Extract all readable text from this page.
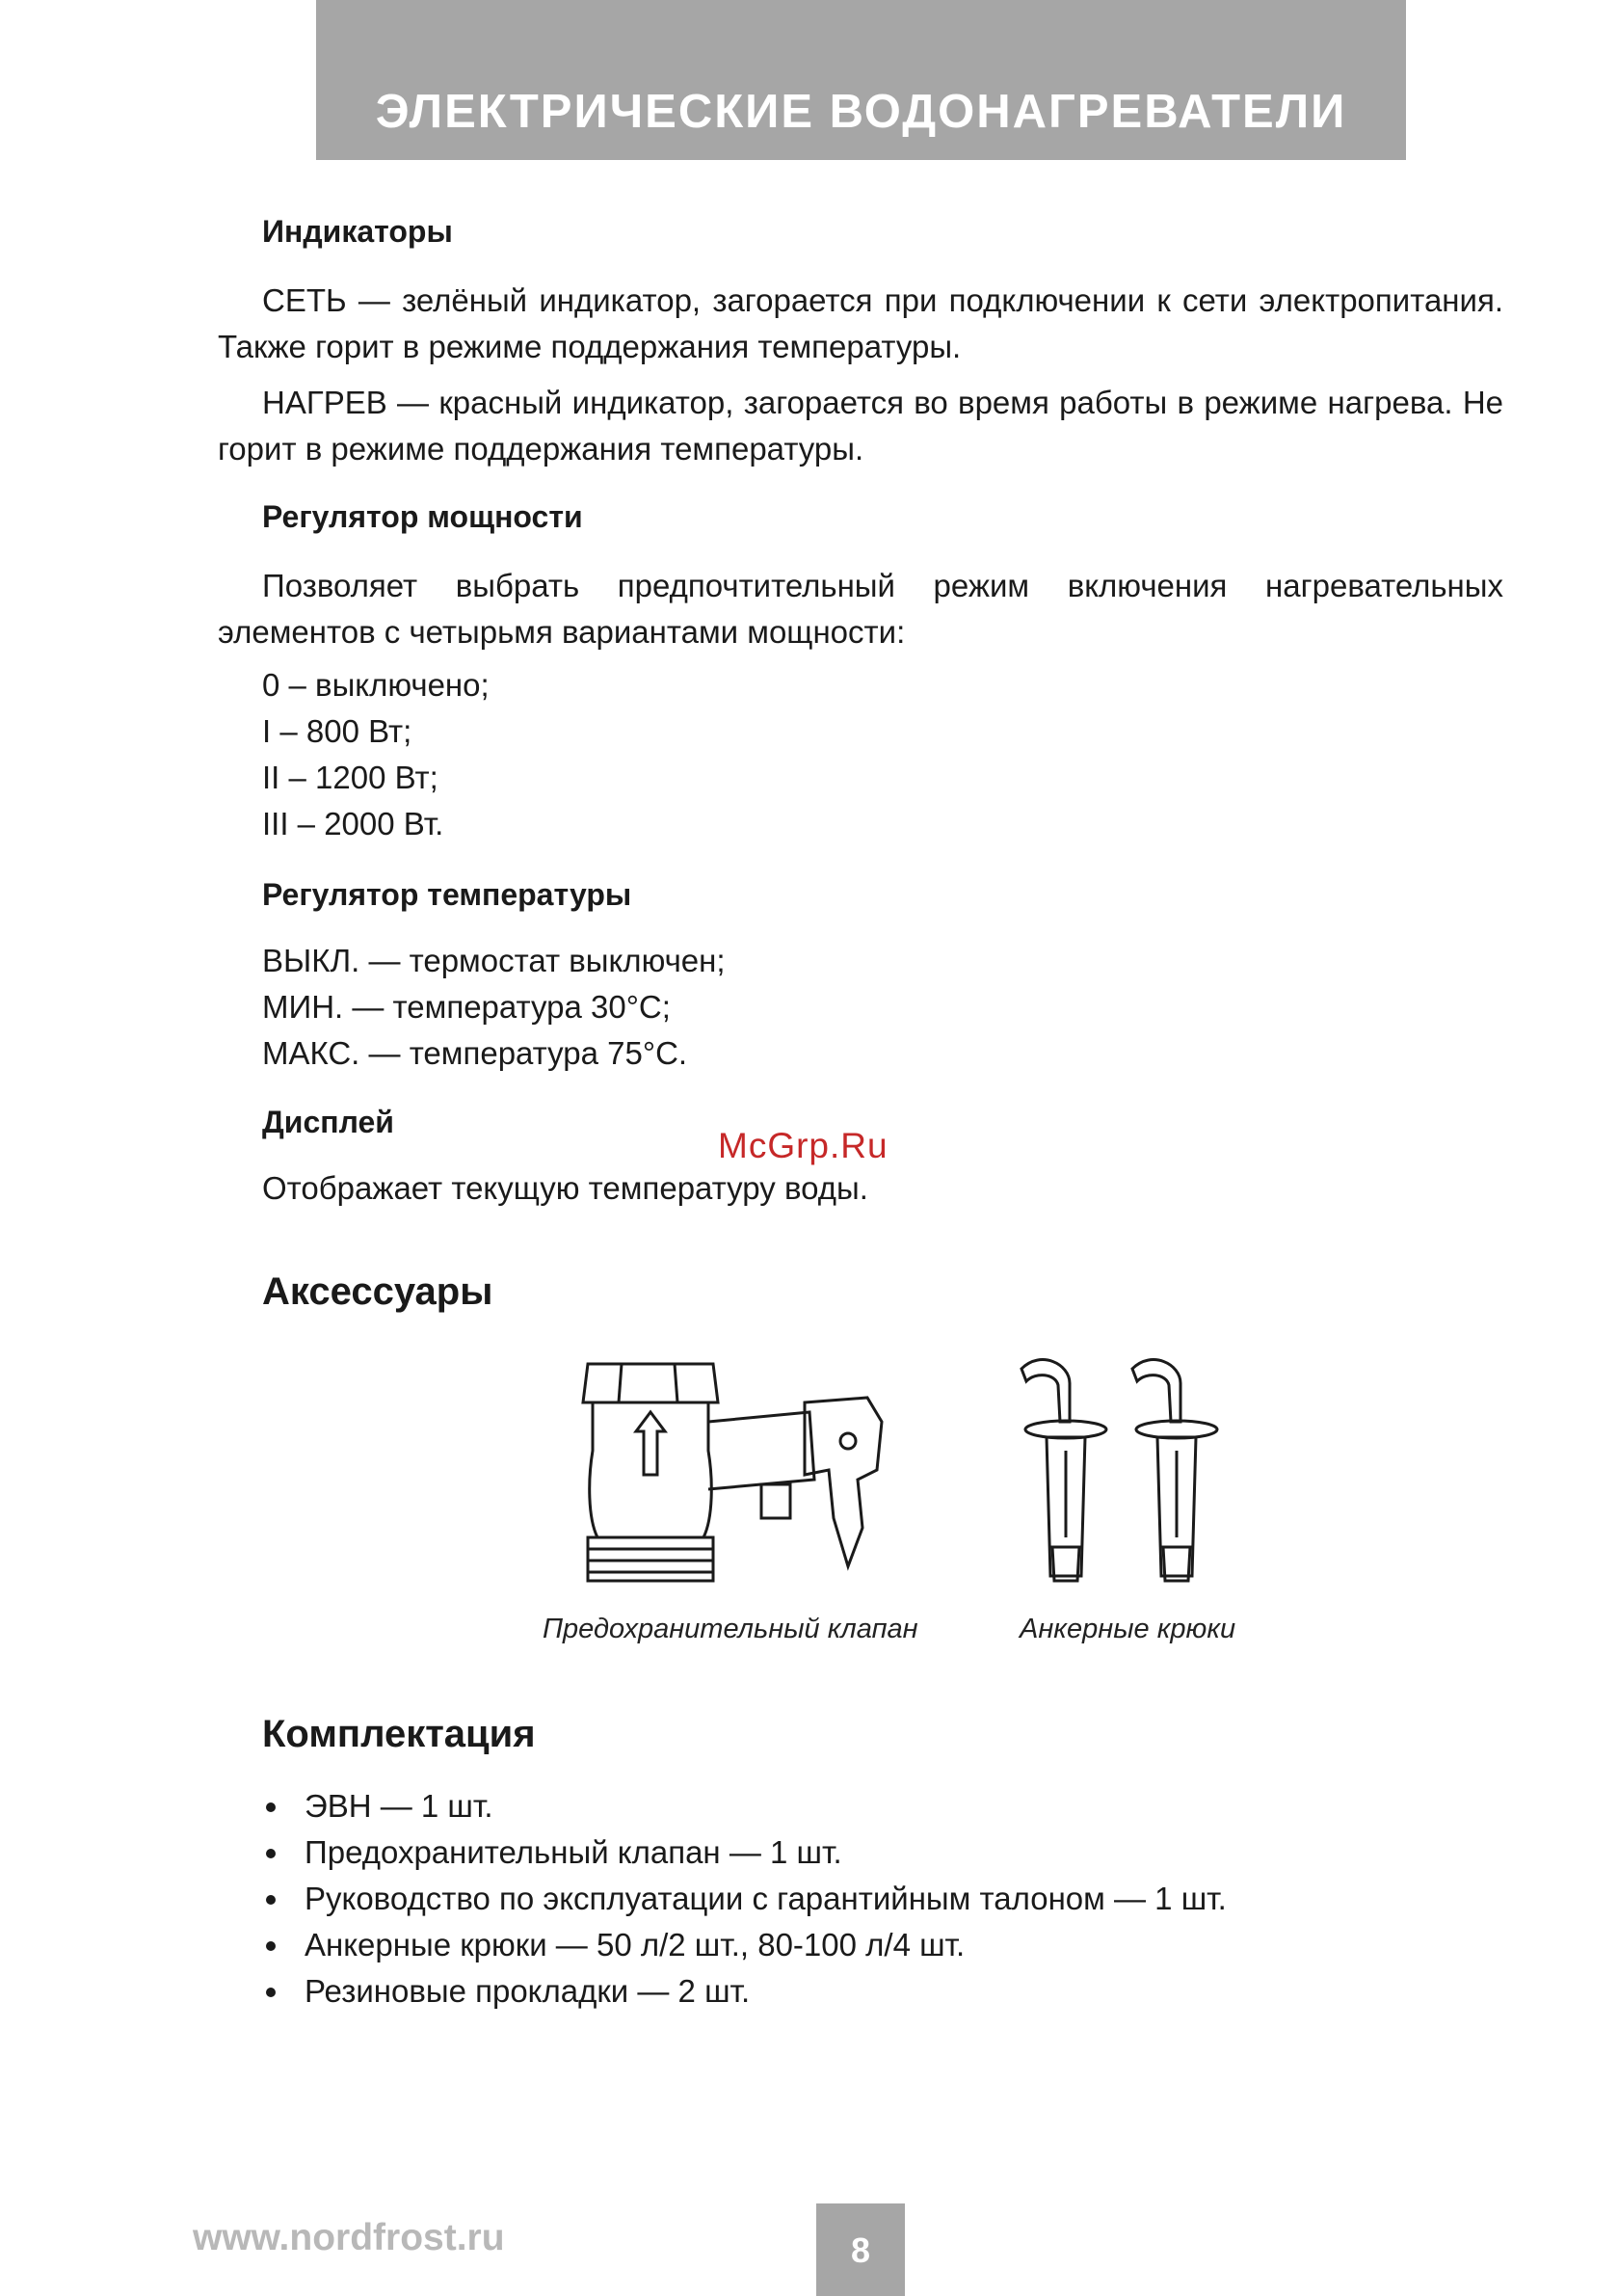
ЭЛЕКТРИЧЕСКИЕ ВОДОНАГРЕВАТЕЛИ
Индикаторы
СЕТЬ — зелёный индикатор, загорается при подключении к сети электропитания. Также горит в режиме поддержания температуры.
НАГРЕВ — красный индикатор, загорается во время работы в режиме нагрева. Не горит в режиме поддержания температуры.
Регулятор мощности
Позволяет выбрать предпочтительный режим включения нагревательных элементов с четырьмя вариантами мощности:
0 – выключено;
I – 800 Вт;
II – 1200 Вт;
III – 2000 Вт.
Регулятор температуры
ВЫКЛ. — термостат выключен;
МИН. — температура 30°С;
МАКС. — температура 75°С.
Дисплей
McGrp.Ru
Отображает текущую температуру воды.
Аксессуары
Предохранительный клапан	Анкерные крюки
Комплектация
ЭВН — 1 шт.
Предохранительный клапан — 1 шт.
Руководство по эксплуатации с гарантийным талоном — 1 шт.
Анкерные крюки — 50 л/2 шт., 80-100 л/4 шт.
Резиновые прокладки — 2 шт.
www.nordfrost.ru	8
